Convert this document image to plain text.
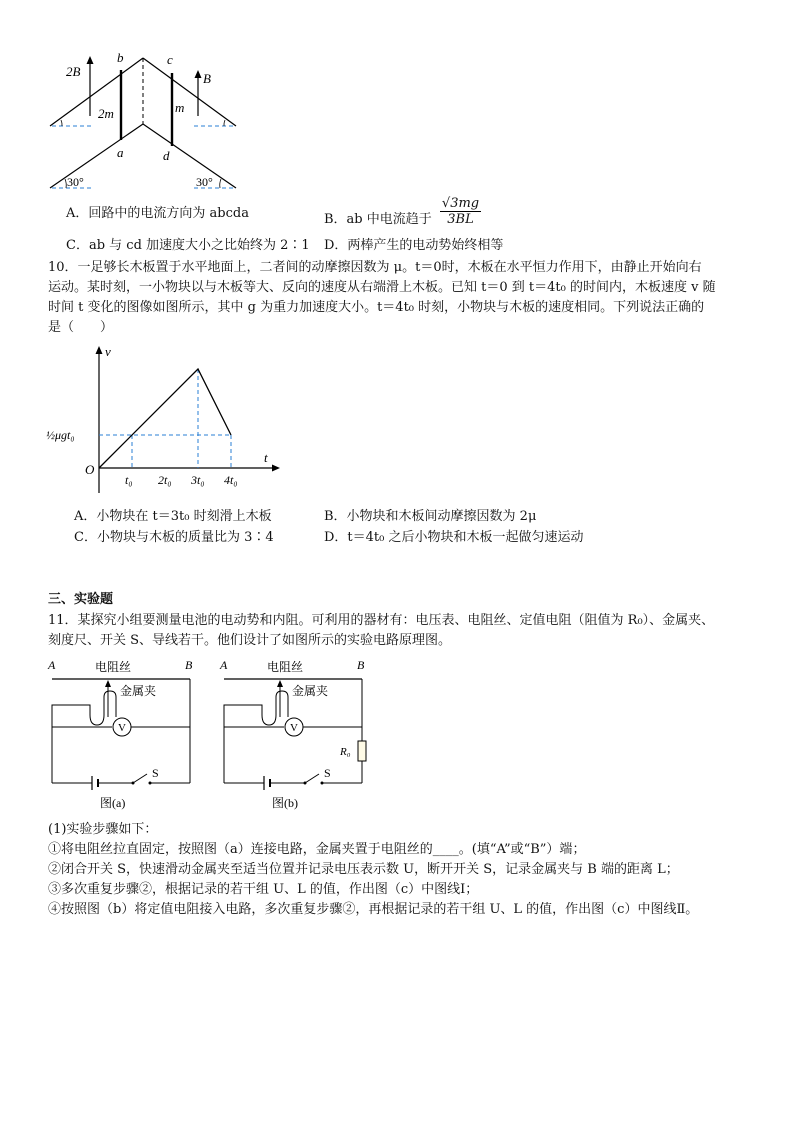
2B	B
b	c
a	d
2m	m
30°	30°
A．回路中的电流方向为 abcda	B．ab 中电流趋于 $\frac{√3mg}{3BL}$
C．ab 与 cd 加速度大小之比始终为 2∶1 D．两棒产生的电动势始终相等
10．一足够长木板置于水平地面上，二者间的动摩擦因数为 μ。t＝0时，木板在水平恒力作用下，由静止开始向右
运动。某时刻，一小物块以与木板等大、反向的速度从右端滑上木板。已知 t＝0 到 t＝4t₀ 的时间内，木板速度 v 随
时间 t 变化的图像如图所示，其中 g 为重力加速度大小。t＝4t₀ 时刻，小物块与木板的速度相同。下列说法正确的
是（　　）
t₀ 2t₀ 3t₀ 4t₀
½μgt₀
O
v
t
A．小物块在 t＝3t₀ 时刻滑上木板	B．小物块和木板间动摩擦因数为 2μ
C．小物块与木板的质量比为 3∶4	D．t＝4t₀ 之后小物块和木板一起做匀速运动
三、实验题
11．某探究小组要测量电池的电动势和内阻。可利用的器材有：电压表、电阻丝、定值电阻（阻值为 R₀）、金属夹、
刻度尺、开关 S、导线若干。他们设计了如图所示的实验电路原理图。
A	B
电阻丝
金属夹
V
S
图(a)
A	B
电阻丝
金属夹
V
R₀
S
图(b)
(1)实验步骤如下：
①将电阻丝拉直固定，按照图（a）连接电路，金属夹置于电阻丝的____。(填“A”或“B”）端；
②闭合开关 S，快速滑动金属夹至适当位置并记录电压表示数 U，断开开关 S，记录金属夹与 B 端的距离 L；
③多次重复步骤②，根据记录的若干组 U、L 的值，作出图（c）中图线Ⅰ；
④按照图（b）将定值电阻接入电路，多次重复步骤②，再根据记录的若干组 U、L 的值，作出图（c）中图线Ⅱ。
